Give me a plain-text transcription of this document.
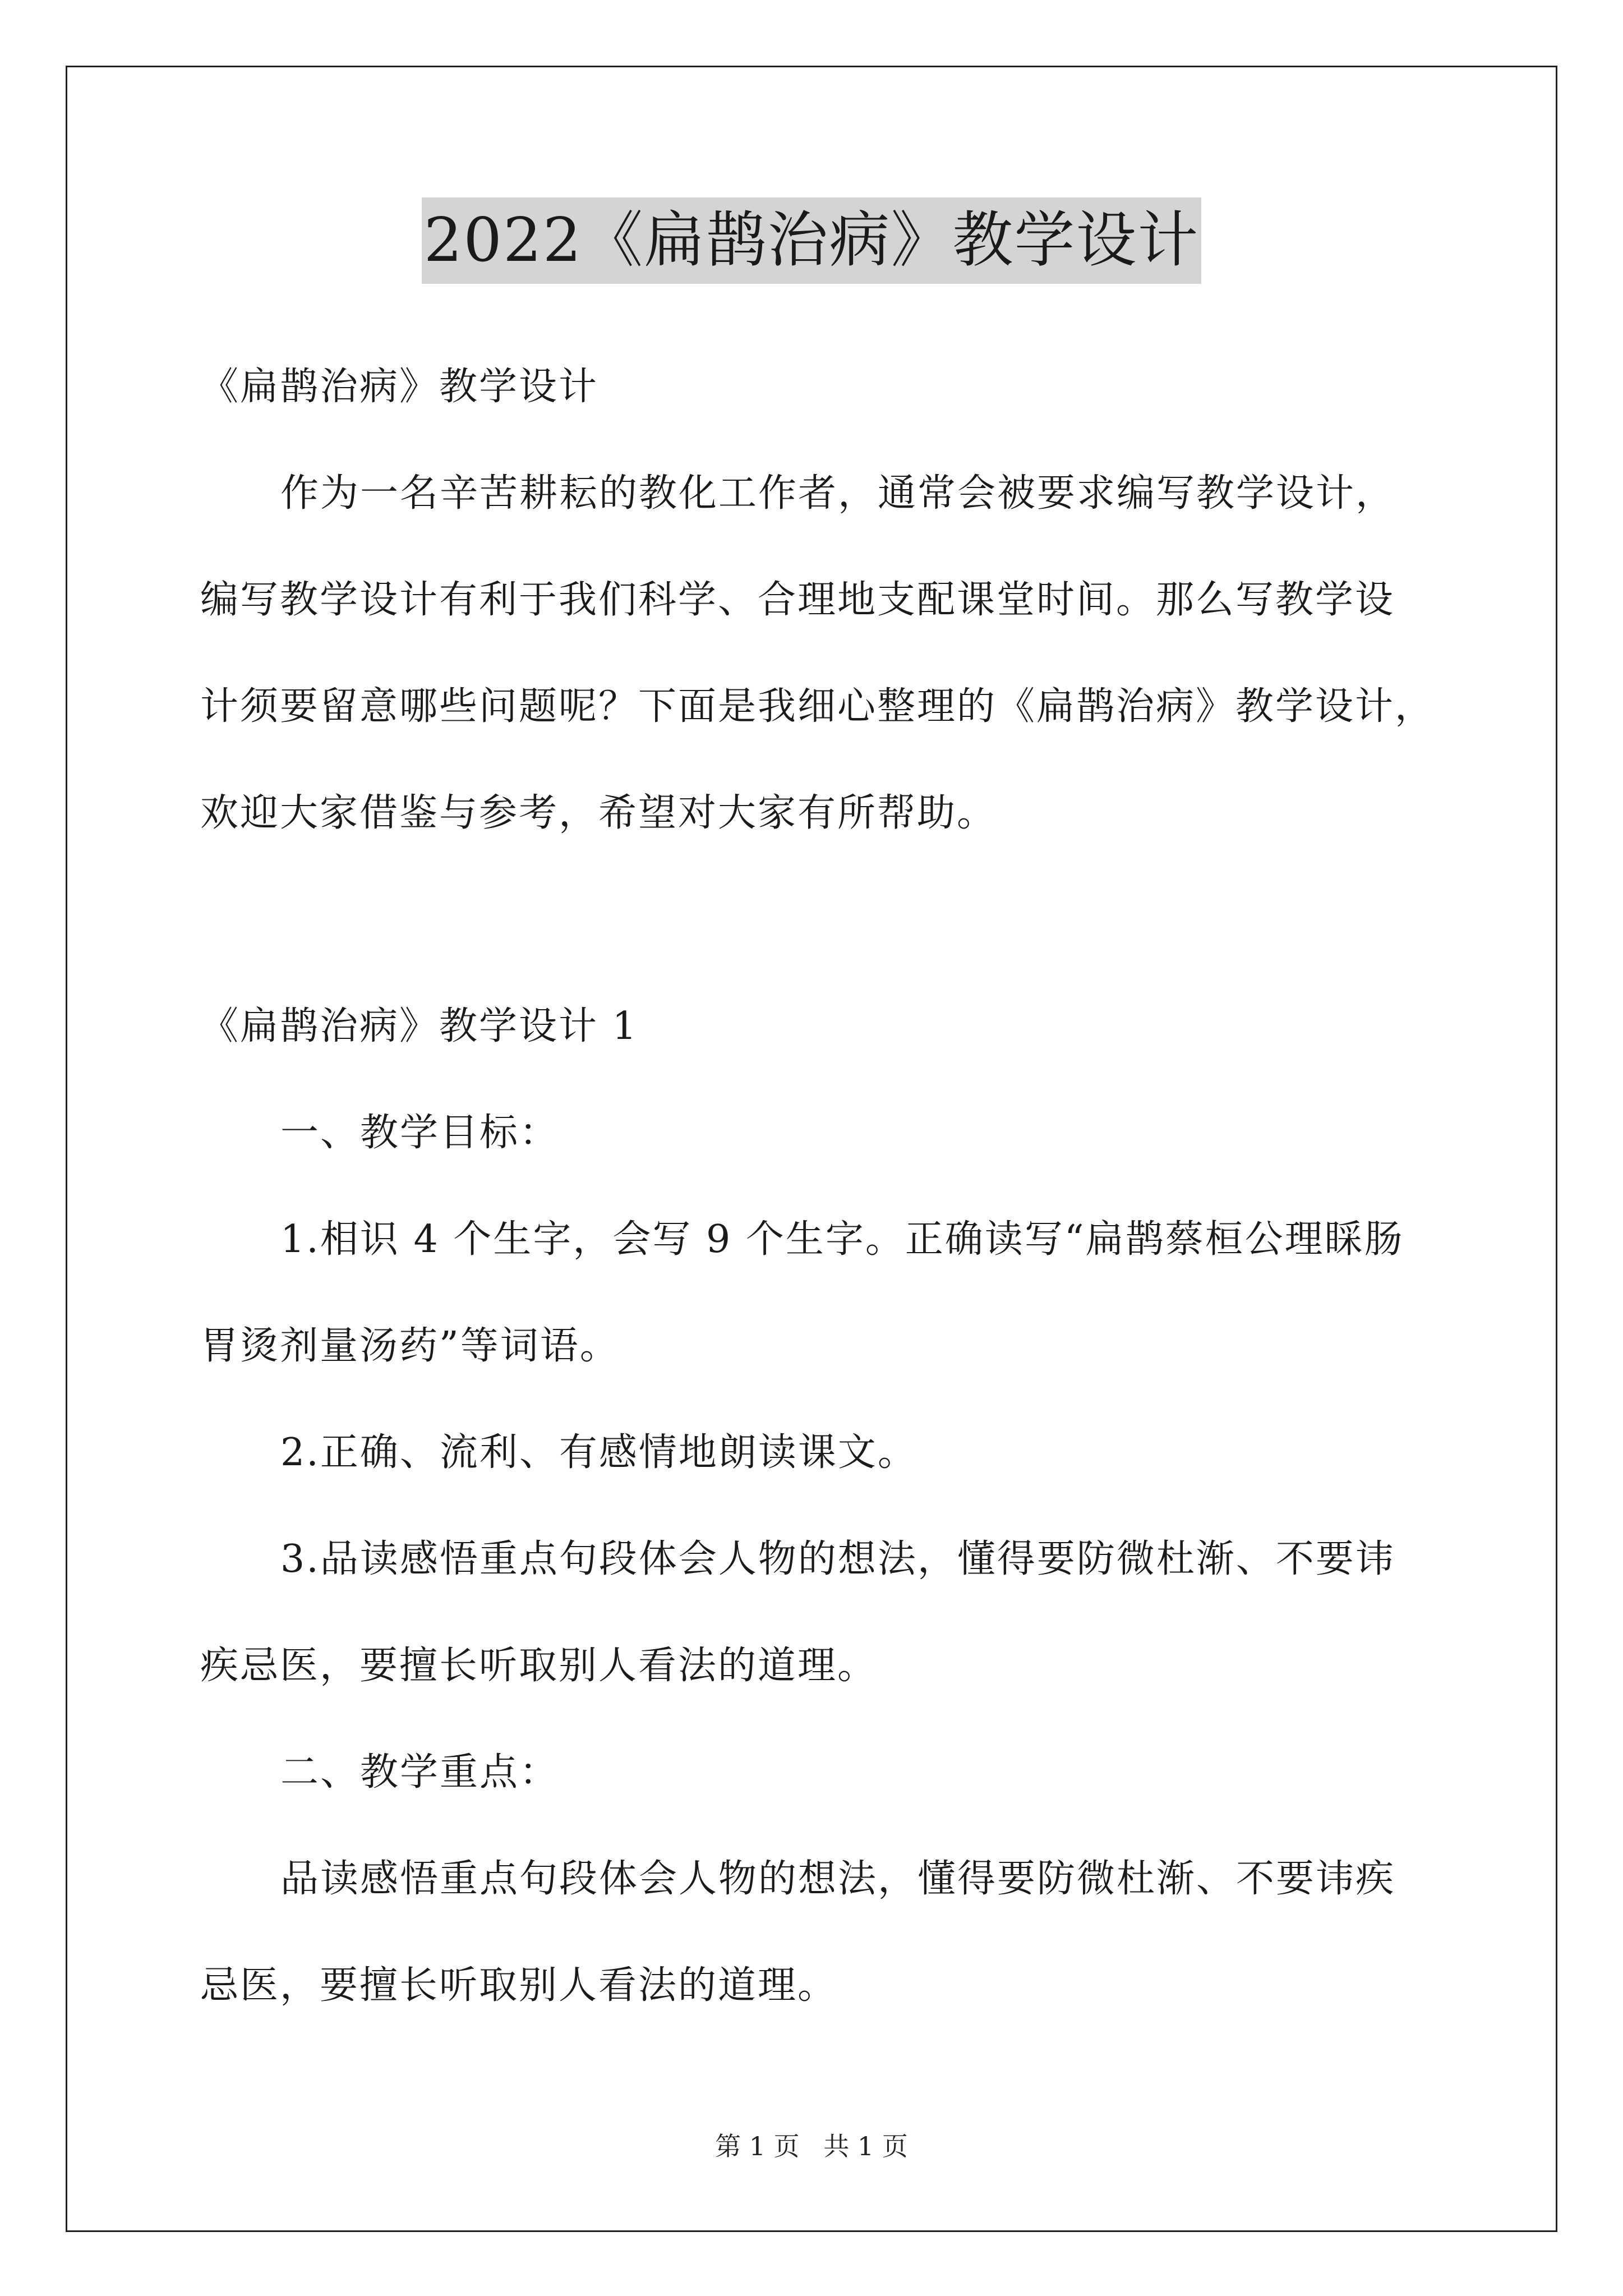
2022《扁鹊治病》教学设计
《扁鹊治病》教学设计
作为一名辛苦耕耘的教化工作者，通常会被要求编写教学设计，
编写教学设计有利于我们科学、合理地支配课堂时间。那么写教学设
计须要留意哪些问题呢？下面是我细心整理的《扁鹊治病》教学设计，
欢迎大家借鉴与参考，希望对大家有所帮助。
《扁鹊治病》教学设计 1
一、教学目标：
1.相识 4 个生字，会写 9 个生字。正确读写“扁鹊蔡桓公理睬肠
胃烫剂量汤药”等词语。
2.正确、流利、有感情地朗读课文。
3.品读感悟重点句段体会人物的想法，懂得要防微杜渐、不要讳
疾忌医，要擅长听取别人看法的道理。
二、教学重点：
品读感悟重点句段体会人物的想法，懂得要防微杜渐、不要讳疾
忌医，要擅长听取别人看法的道理。
第 1 页 共 1 页
